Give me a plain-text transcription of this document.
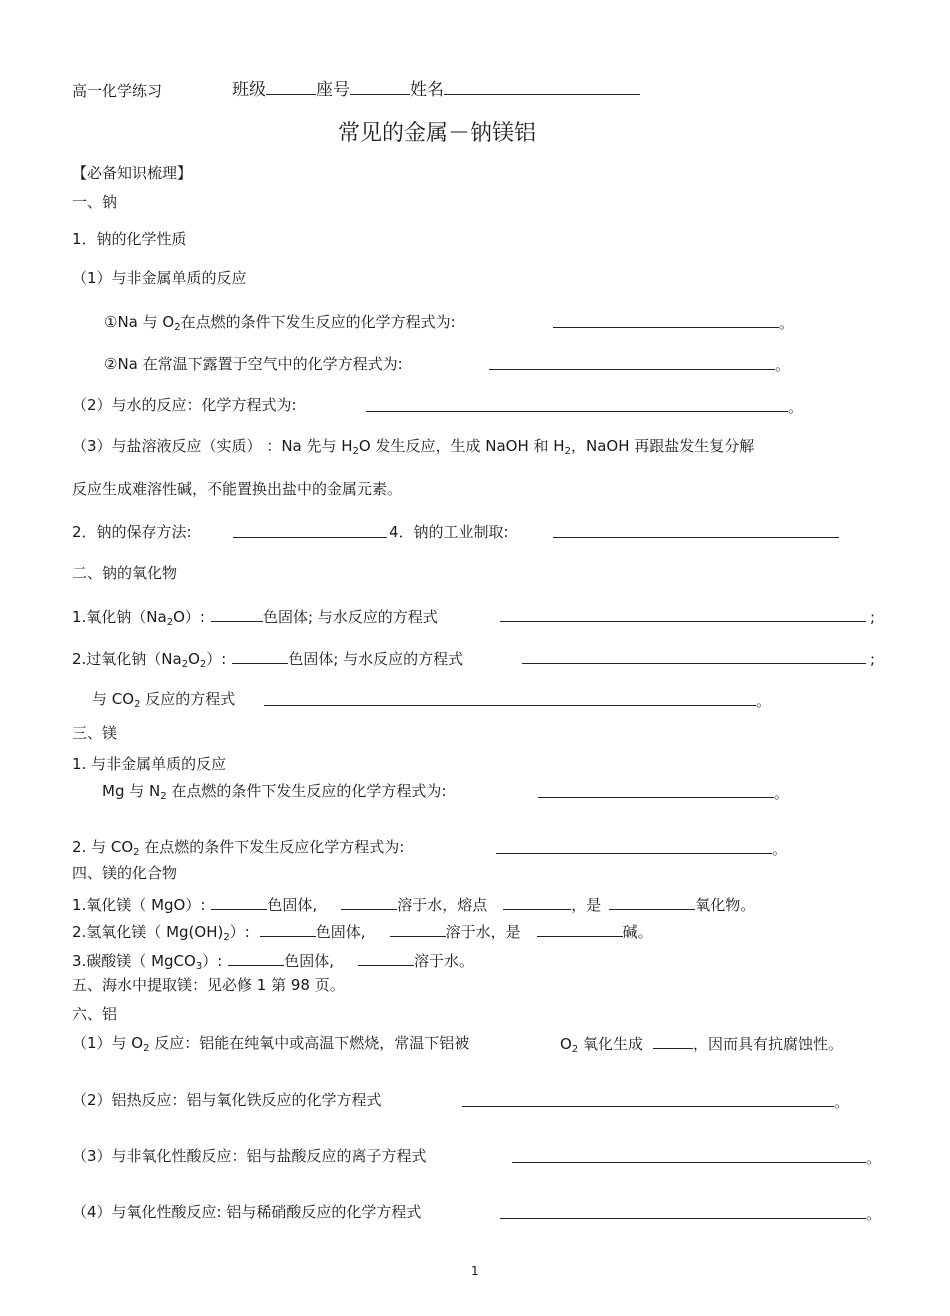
高一化学练习	班级	座号	姓名
常见的金属－钠镁铝
【必备知识梳理】
一、钠
1．钠的化学性质
（1）与非金属单质的反应
①Na 与 $O_2$在点燃的条件下发生反应的化学方程式为:	。
②Na 在常温下露置于空气中的化学方程式为:	。
（2）与水的反应：化学方程式为:	。
（3）与盐溶液反应（实质） ：Na 先与 $H_2O$ 发生反应，生成 NaOH 和 $H_2$，NaOH 再跟盐发生复分解
反应生成难溶性碱，不能置换出盐中的金属元素。
2．钠的保存方法:	4．钠的工业制取:
二、钠的氧化物
1.氧化钠$(Na_2O)$:	色固体; 与水反应的方程式	;
2.过氧化钠$(Na_2O_2)$:	色固体; 与水反应的方程式	;
与 $CO_2$ 反应的方程式	。
三、镁
1. 与非金属单质的反应
Mg 与 $N_2$ 在点燃的条件下发生反应的化学方程式为:	。
2. 与 $CO_2$ 在点燃的条件下发生反应化学方程式为:	。
四、镁的化合物
1.氧化镁（ MgO）:	色固体,	溶于水，熔点	，是	氧化物。
2.氢氧化镁（ $Mg(OH)_2$）:	色固体,	溶于水，是	碱。
3.碳酸镁（ MgCO$_3$）:	色固体,	溶于水。
五、海水中提取镁：见必修 1 第 98 页。
六、铝
（1）与 $O_2$ 反应：铝能在纯氧中或高温下燃烧，常温下铝被	$O_2$ 氧化生成	，因而具有抗腐蚀性。
（2）铝热反应：铝与氧化铁反应的化学方程式	。
（3）与非氧化性酸反应：铝与盐酸反应的离子方程式	。
（4）与氧化性酸反应: 铝与稀硝酸反应的化学方程式	。
1
